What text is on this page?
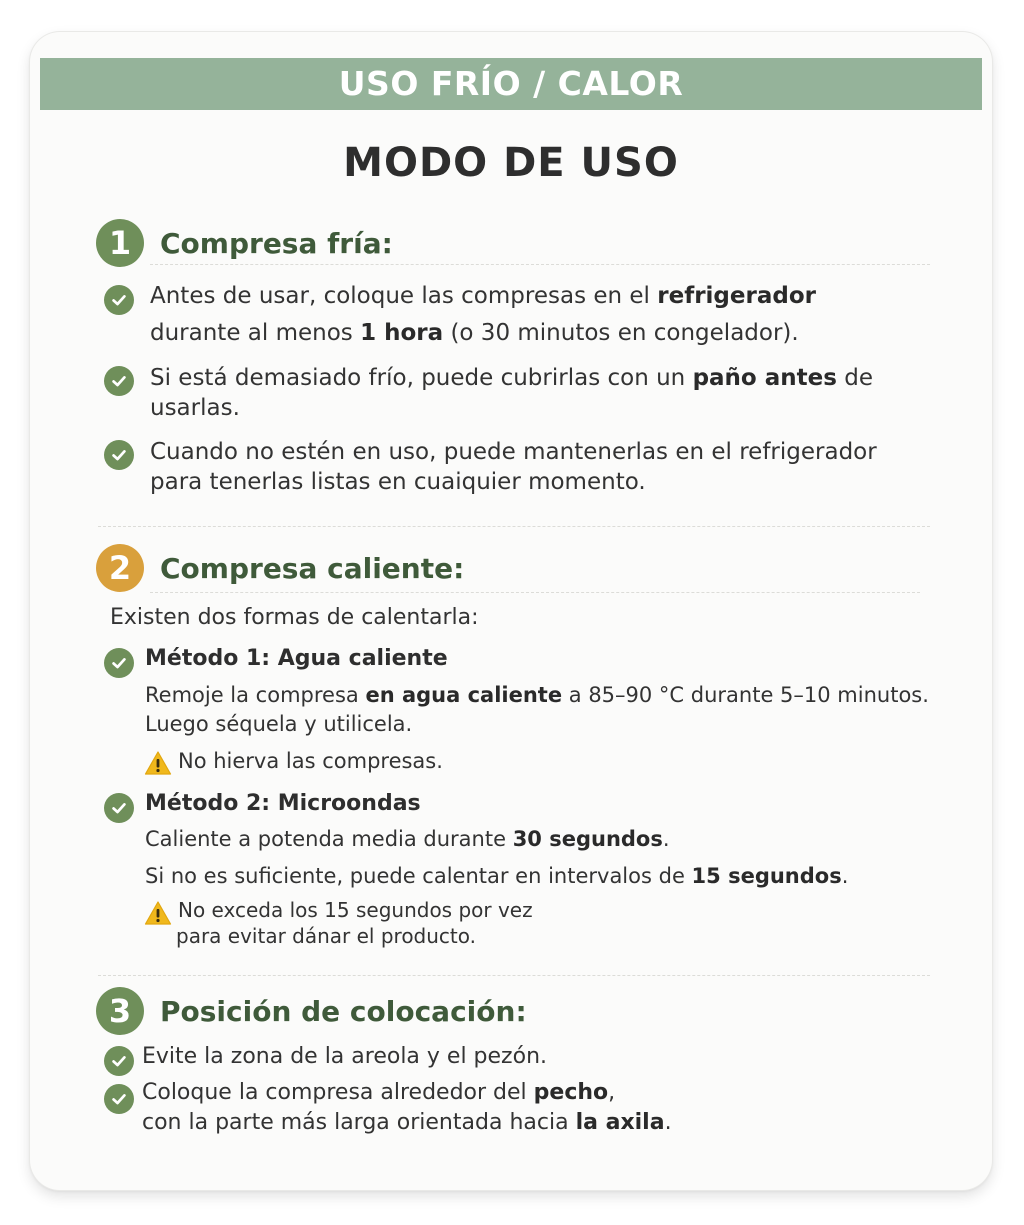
USO FRÍO / CALOR
MODO DE USO
1	Compresa fría:
Antes de usar, coloque las compresas en el refrigerador
durante al menos 1 hora (o 30 minutos en congelador).
Si está demasiado frío, puede cubrirlas con un paño antes de
usarlas.
Cuando no estén en uso, puede mantenerlas en el refrigerador
para tenerlas listas en cuaiquier momento.
2	Compresa caliente:
Existen dos formas de calentarla:
Método 1: Agua caliente
Remoje la compresa en agua caliente a 85–90 °C durante 5–10 minutos.
Luego séquela y utilicela.
No hierva las compresas.
Método 2: Microondas
Caliente a potenda media durante 30 segundos.
Si no es suficiente, puede calentar en intervalos de 15 segundos.
No exceda los 15 segundos por vez
para evitar dánar el producto.
3	Posición de colocación:
Evite la zona de la areola y el pezón.
Coloque la compresa alrededor del pecho,
con la parte más larga orientada hacia la axila.
